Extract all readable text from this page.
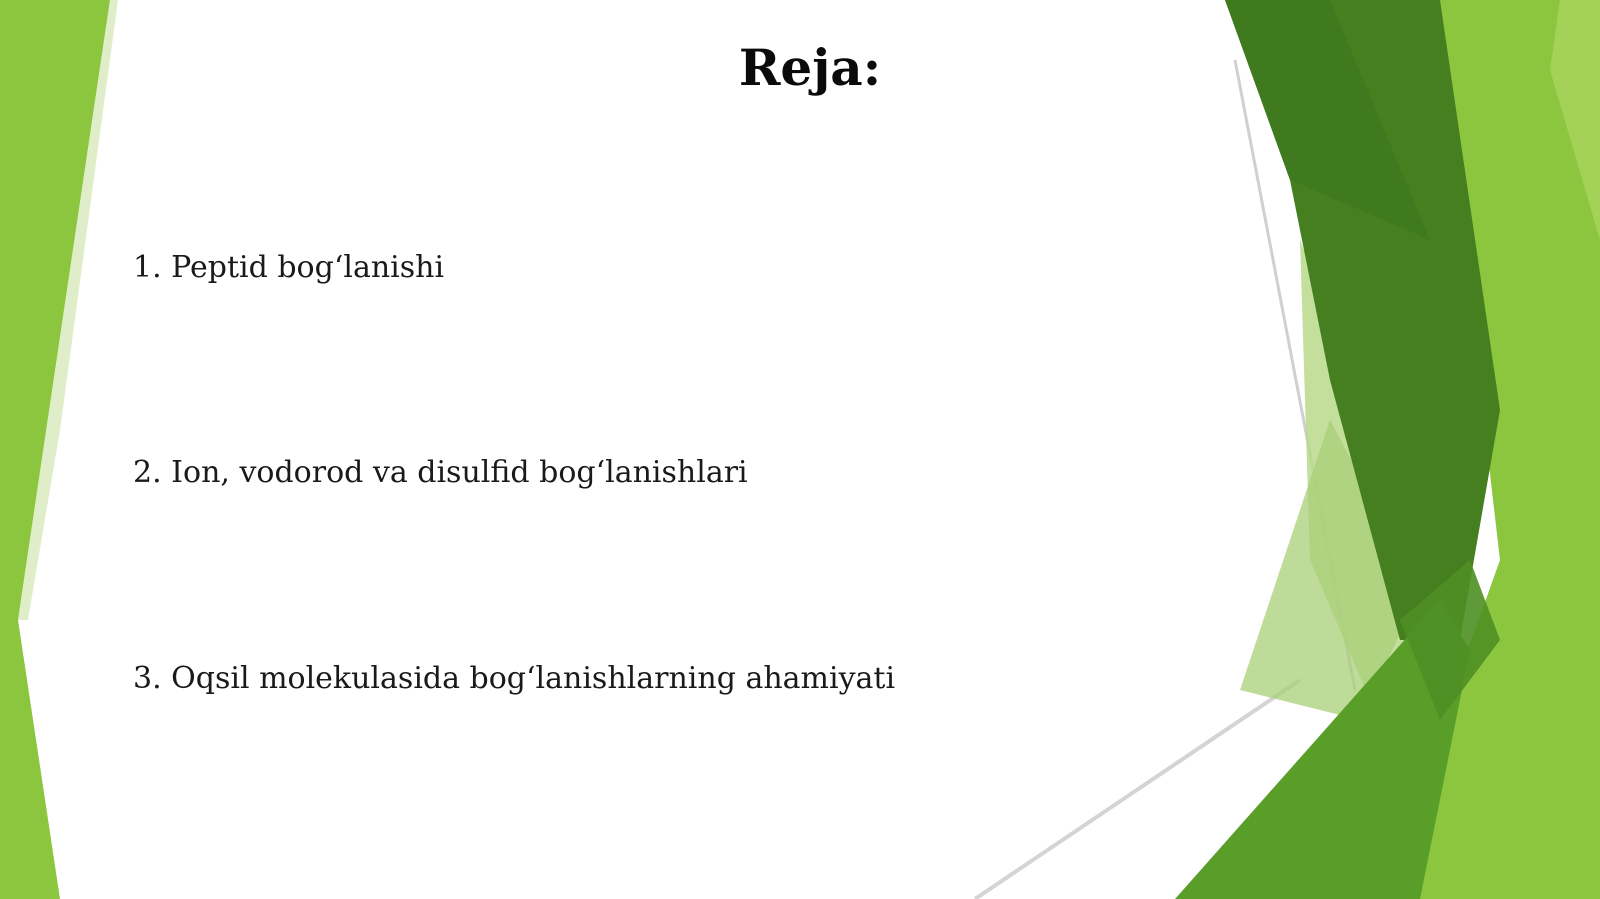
Reja:
1. Peptid bog‘lanishi
2. Ion, vodorod va disulfid bog‘lanishlari
3. Oqsil molekulasida bog‘lanishlarning ahamiyati
